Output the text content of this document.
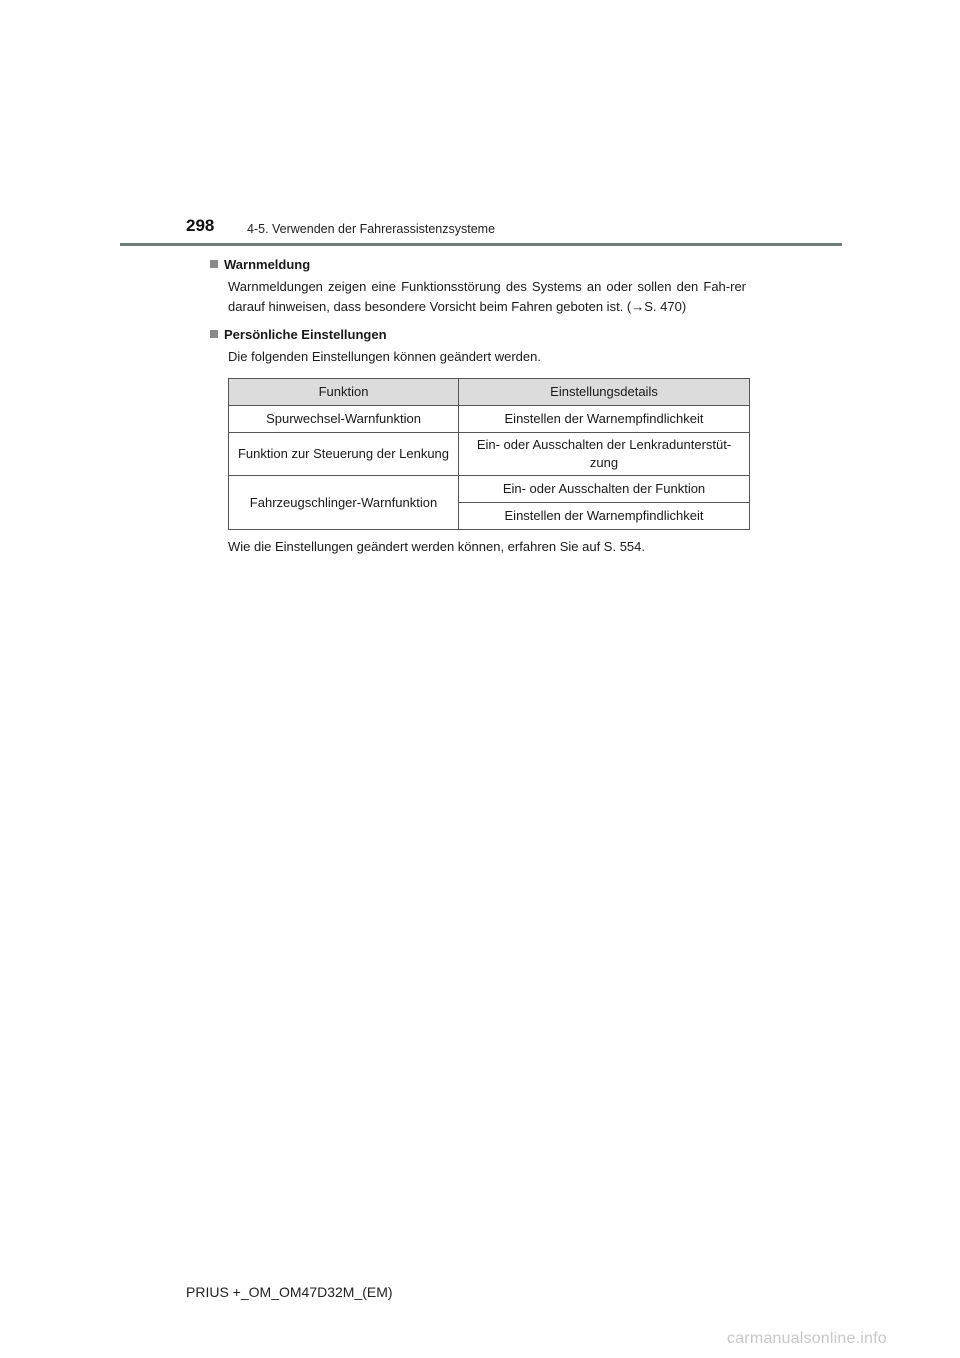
298	4-5. Verwenden der Fahrerassistenzsysteme
Warnmeldung

Warnmeldungen zeigen eine Funktionsstörung des Systems an oder sollen den Fah-rer darauf hinweisen, dass besondere Vorsicht beim Fahren geboten ist. (→S. 470)

Persönliche Einstellungen

Die folgenden Einstellungen können geändert werden.

Funktion	Einstellungsdetails
Spurwechsel-Warnfunktion	Einstellen der Warnempfindlichkeit
Funktion zur Steuerung der Lenkung	Ein- oder Ausschalten der Lenkradunterstüt-zung
Fahrzeugschlinger-Warnfunktion	Ein- oder Ausschalten der Funktion
	Einstellen der Warnempfindlichkeit

Wie die Einstellungen geändert werden können, erfahren Sie auf S. 554.

PRIUS +_OM_OM47D32M_(EM)
carmanualsonline.info
